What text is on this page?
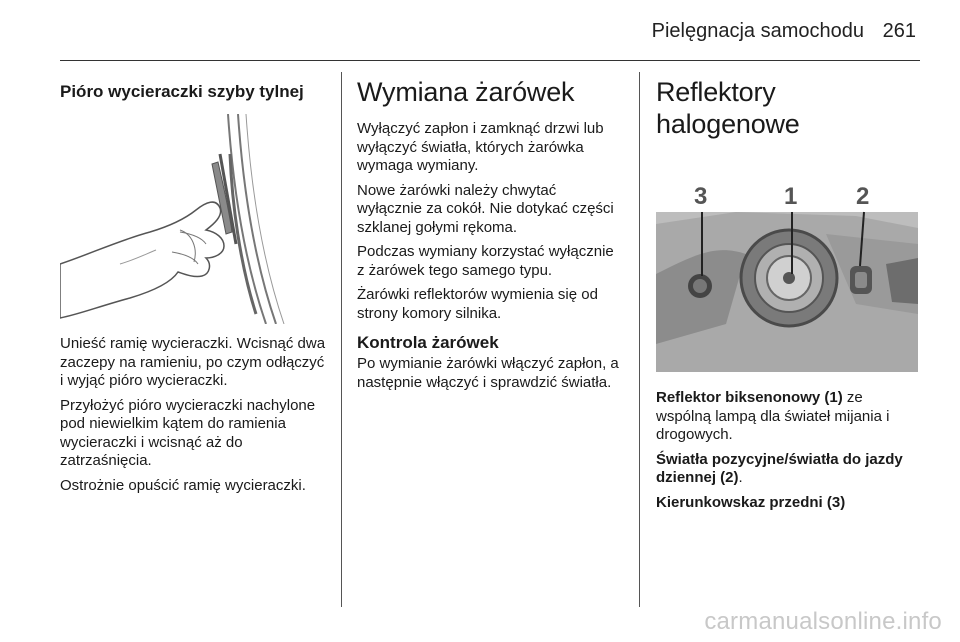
Pielęgnacja samochodu 261
Pióro wycieraczki szyby tylnej

Unieść ramię wycieraczki. Wcisnąć dwa zaczepy na ramieniu, po czym odłączyć i wyjąć pióro wycieraczki.

Przyłożyć pióro wycieraczki nachylone pod niewielkim kątem do ramienia wycieraczki i wcisnąć aż do zatrzaśnięcia.

Ostrożnie opuścić ramię wycieraczki.

Wymiana żarówek

Wyłączyć zapłon i zamknąć drzwi lub wyłączyć światła, których żarówka wymaga wymiany.

Nowe żarówki należy chwytać wyłącznie za cokół. Nie dotykać części szklanej gołymi rękoma.

Podczas wymiany korzystać wyłącznie z żarówek tego samego typu.

Żarówki reflektorów wymienia się od strony komory silnika.

Kontrola żarówek

Po wymianie żarówki włączyć zapłon, a następnie włączyć i sprawdzić światła.

Reflektory halogenowe
3	1 2

Reflektor biksenonowy (1) ze wspólną lampą dla świateł mijania i drogowych.

Światła pozycyjne/światła do jazdy dziennej (2).

Kierunkowskaz przedni (3)

carmanualsonline.info
